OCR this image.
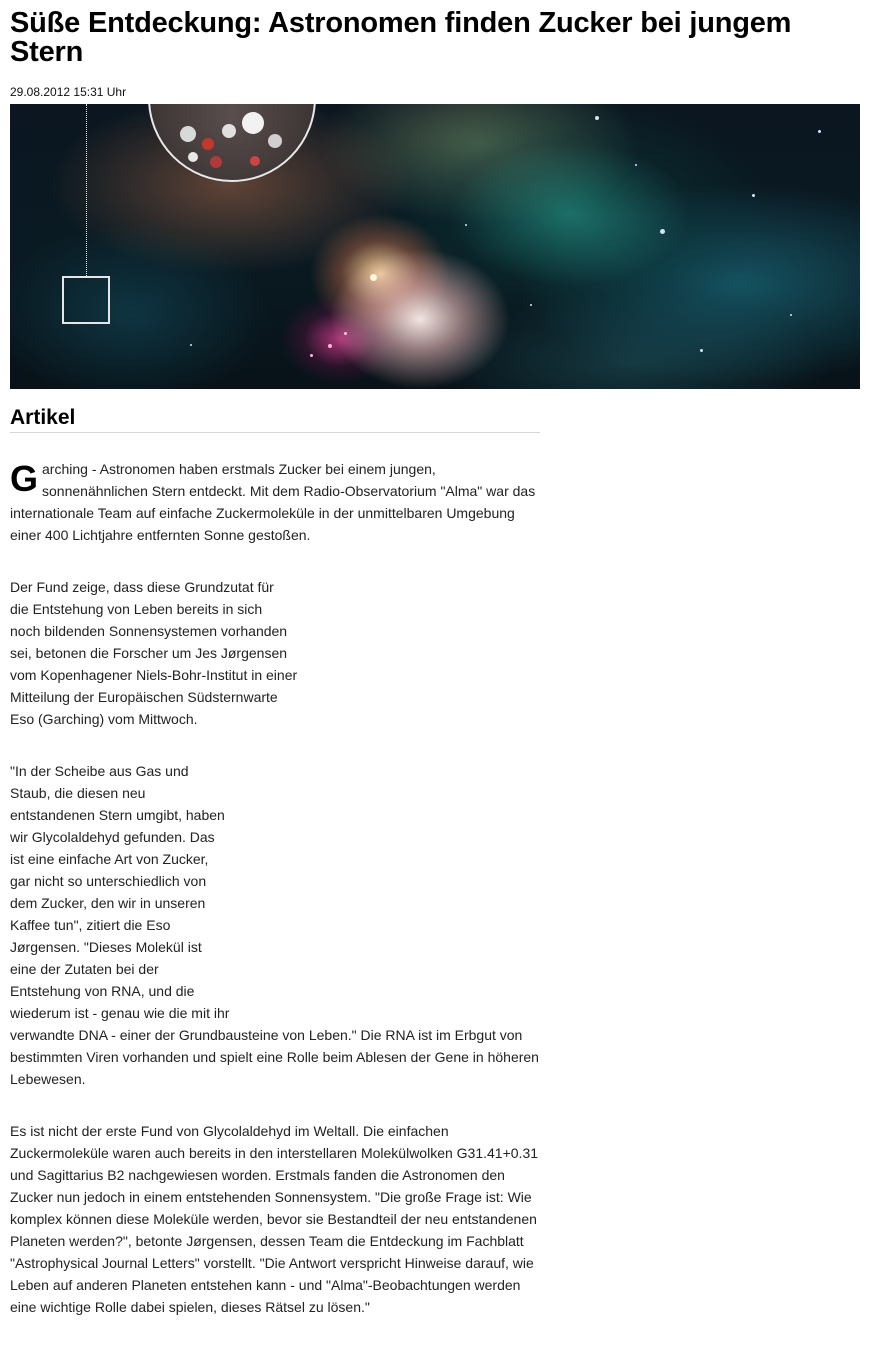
Süße Entdeckung: Astronomen finden Zucker bei jungem Stern
29.08.2012 15:31 Uhr
Artikel

G arching - Astronomen haben erstmals Zucker bei einem jungen, sonnenähnlichen Stern entdeckt. Mit dem Radio-Observatorium "Alma" war das internationale Team auf einfache Zuckermoleküle in der unmittelbaren Umgebung einer 400 Lichtjahre entfernten Sonne gestoßen.

Der Fund zeige, dass diese Grundzutat für
die Entstehung von Leben bereits in sich
noch bildenden Sonnensystemen vorhanden
sei, betonen die Forscher um Jes Jørgensen
vom Kopenhagener Niels-Bohr-Institut in einer
Mitteilung der Europäischen Südsternwarte
Eso (Garching) vom Mittwoch.

"In der Scheibe aus Gas und
Staub, die diesen neu
entstandenen Stern umgibt, haben
wir Glycolaldehyd gefunden. Das
ist eine einfache Art von Zucker,
gar nicht so unterschiedlich von
dem Zucker, den wir in unseren
Kaffee tun", zitiert die Eso
Jørgensen. "Dieses Molekül ist
eine der Zutaten bei der
Entstehung von RNA, und die
wiederum ist - genau wie die mit ihr
verwandte DNA - einer der Grundbausteine von Leben." Die RNA ist im Erbgut von bestimmten Viren vorhanden und spielt eine Rolle beim Ablesen der Gene in höheren Lebewesen.

Es ist nicht der erste Fund von Glycolaldehyd im Weltall. Die einfachen Zuckermoleküle waren auch bereits in den interstellaren Molekülwolken G31.41+0.31 und Sagittarius B2 nachgewiesen worden. Erstmals fanden die Astronomen den Zucker nun jedoch in einem entstehenden Sonnensystem. "Die große Frage ist: Wie komplex können diese Moleküle werden, bevor sie Bestandteil der neu entstandenen Planeten werden?", betonte Jørgensen, dessen Team die Entdeckung im Fachblatt "Astrophysical Journal Letters" vorstellt. "Die Antwort verspricht Hinweise darauf, wie Leben auf anderen Planeten entstehen kann - und "Alma"-Beobachtungen werden eine wichtige Rolle dabei spielen, dieses Rätsel zu lösen."
